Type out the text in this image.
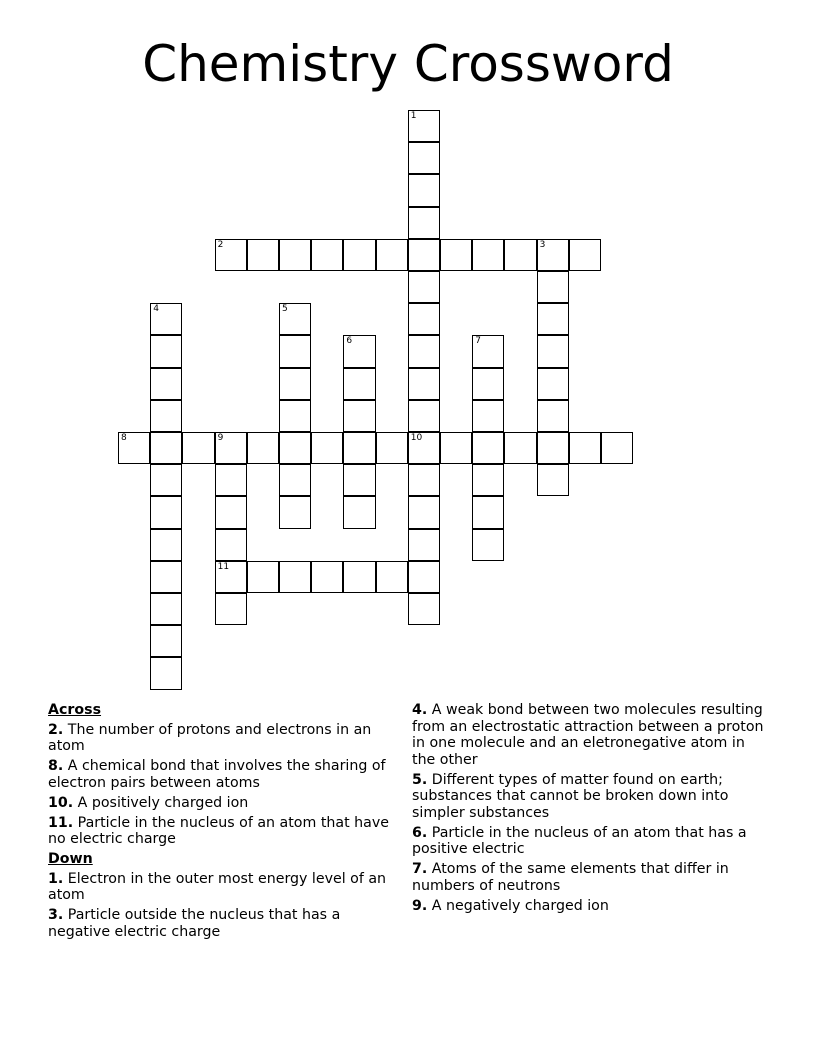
Chemistry Crossword
1
10
2	3
4	5
6	7
8	9
11
Across
2. The number of protons and electrons in an atom
8. A chemical bond that involves the sharing of electron pairs between atoms
10. A positively charged ion
11. Particle in the nucleus of an atom that have no electric charge
Down
1. Electron in the outer most energy level of an atom
3. Particle outside the nucleus that has a negative electric charge
4. A weak bond between two molecules resulting from an electrostatic attraction between a proton in one molecule and an eletronegative atom in the other
5. Different types of matter found on earth; substances that cannot be broken down into simpler substances
6. Particle in the nucleus of an atom that has a positive electric
7. Atoms of the same elements that differ in numbers of neutrons
9. A negatively charged ion
